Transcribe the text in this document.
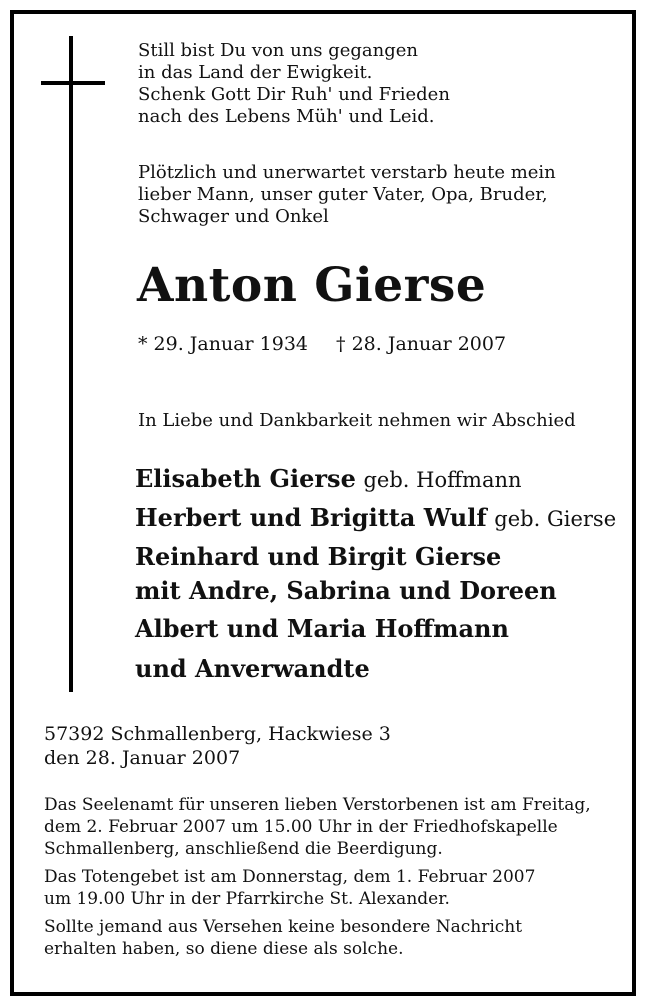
Still bist Du von uns gegangen
in das Land der Ewigkeit.
Schenk Gott Dir Ruh' und Frieden
nach des Lebens Müh' und Leid.
Plötzlich und unerwartet verstarb heute mein
lieber Mann, unser guter Vater, Opa, Bruder,
Schwager und Onkel
Anton Gierse
* 29. Januar 1934 † 28. Januar 2007
In Liebe und Dankbarkeit nehmen wir Abschied
Elisabeth Gierse geb. Hoffmann
Herbert und Brigitta Wulf geb. Gierse
Reinhard und Birgit Gierse
mit Andre, Sabrina und Doreen
Albert und Maria Hoffmann
und Anverwandte
57392 Schmallenberg, Hackwiese 3
den 28. Januar 2007
Das Seelenamt für unseren lieben Verstorbenen ist am Freitag,
dem 2. Februar 2007 um 15.00 Uhr in der Friedhofskapelle
Schmallenberg, anschließend die Beerdigung.
Das Totengebet ist am Donnerstag, dem 1. Februar 2007
um 19.00 Uhr in der Pfarrkirche St. Alexander.
Sollte jemand aus Versehen keine besondere Nachricht
erhalten haben, so diene diese als solche.
